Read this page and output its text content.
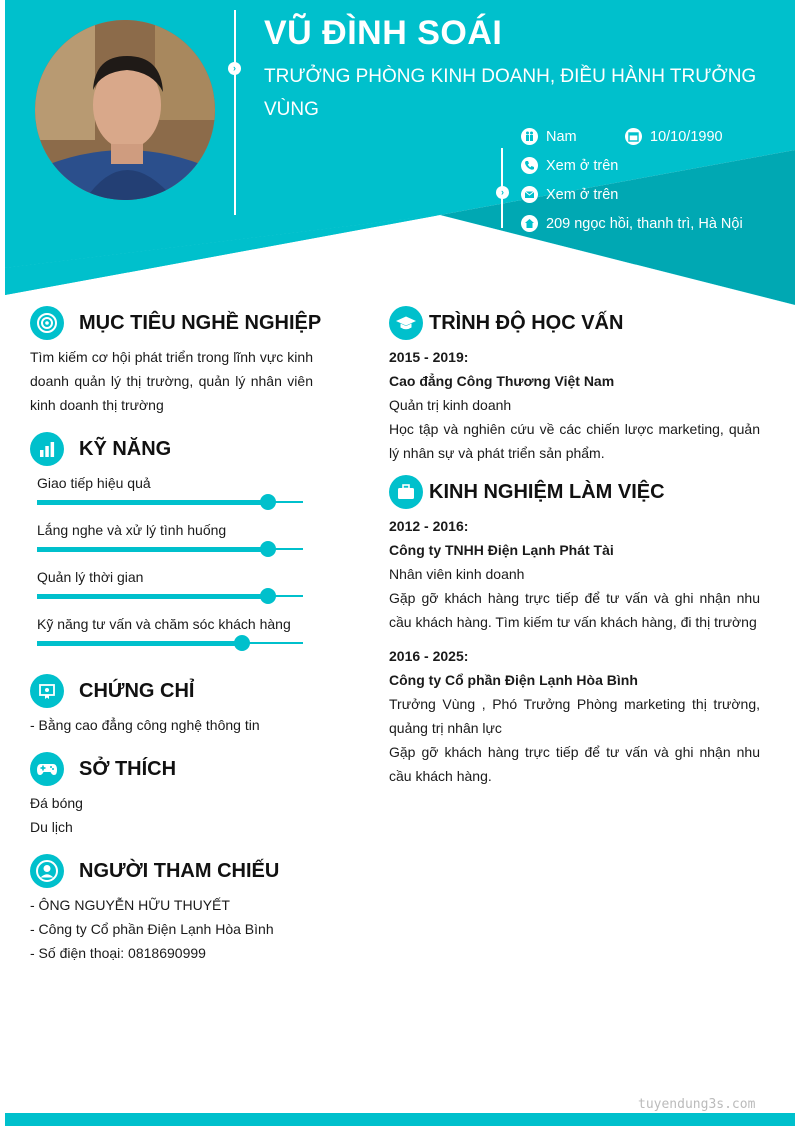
›
VŨ ĐÌNH SOÁI
TRƯỞNG PHÒNG KINH DOANH, ĐIỀU HÀNH TRƯỞNG VÙNG
›
Nam	10/10/1990
Xem ở trên
Xem ở trên
209 ngọc hồi, thanh trì, Hà Nội
MỤC TIÊU NGHỀ NGHIỆP
Tìm kiếm cơ hội phát triển trong lĩnh vực kinh doanh quản lý thị trường, quản lý nhân viên kinh doanh thị trường
KỸ NĂNG
Giao tiếp hiệu quả
Lắng nghe và xử lý tình huống
Quản lý thời gian
Kỹ năng tư vấn và chăm sóc khách hàng
CHỨNG CHỈ
- Bằng cao đẳng công nghệ thông tin
SỞ THÍCH
Đá bóng
Du lịch
NGƯỜI THAM CHIẾU
- ÔNG NGUYỄN HỮU THUYẾT
- Công ty Cổ phần Điện Lạnh Hòa Bình
- Số điện thoại: 0818690999
TRÌNH ĐỘ HỌC VẤN
2015 - 2019:
Cao đẳng Công Thương Việt Nam
Quản trị kinh doanh
Học tập và nghiên cứu về các chiến lược marketing, quản lý nhân sự và phát triển sản phẩm.
KINH NGHIỆM LÀM VIỆC
2012 - 2016:
Công ty TNHH Điện Lạnh Phát Tài
Nhân viên kinh doanh
Gặp gỡ khách hàng trực tiếp để tư vấn và ghi nhận nhu cầu khách hàng. Tìm kiếm tư vấn khách hàng, đi thị trường
2016 - 2025:
Công ty Cổ phần Điện Lạnh Hòa Bình
Trưởng Vùng , Phó Trưởng Phòng marketing thị trường, quảng trị nhân lực
Gặp gỡ khách hàng trực tiếp để tư vấn và ghi nhận nhu cầu khách hàng.
tuyendung3s.com
